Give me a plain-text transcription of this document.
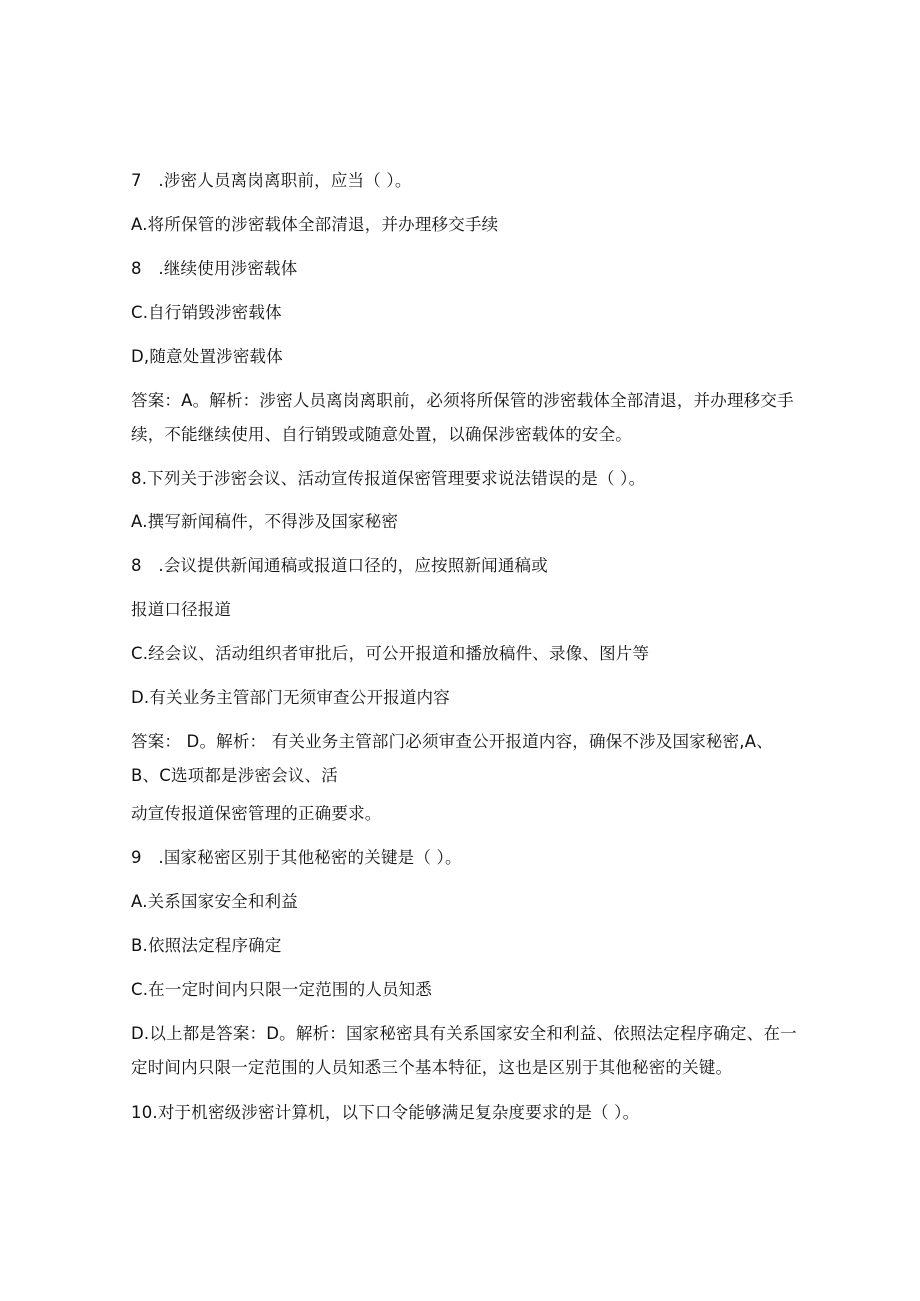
7　.涉密人员离岗离职前，应当（ ）。
A.将所保管的涉密载体全部清退，并办理移交手续
8　.继续使用涉密载体
C.自行销毁涉密载体
D,随意处置涉密载体
答案：A。解析：涉密人员离岗离职前，必须将所保管的涉密载体全部清退，并办理移交手续，不能继续使用、自行销毁或随意处置，以确保涉密载体的安全。
8.下列关于涉密会议、活动宣传报道保密管理要求说法错误的是（ ）。
A.撰写新闻稿件，不得涉及国家秘密
8　.会议提供新闻通稿或报道口径的，应按照新闻通稿或
报道口径报道
C.经会议、活动组织者审批后，可公开报道和播放稿件、录像、图片等
D.有关业务主管部门无须审查公开报道内容
答案： D。解析： 有关业务主管部门必须审查公开报道内容，确保不涉及国家秘密,A、B、C选项都是涉密会议、活
动宣传报道保密管理的正确要求。
9　.国家秘密区别于其他秘密的关键是（ ）。
A.关系国家安全和利益
B.依照法定程序确定
C.在一定时间内只限一定范围的人员知悉
D.以上都是答案：D。解析：国家秘密具有关系国家安全和利益、依照法定程序确定、在一定时间内只限一定范围的人员知悉三个基本特征，这也是区别于其他秘密的关键。
10.对于机密级涉密计算机，以下口令能够满足复杂度要求的是（ ）。
